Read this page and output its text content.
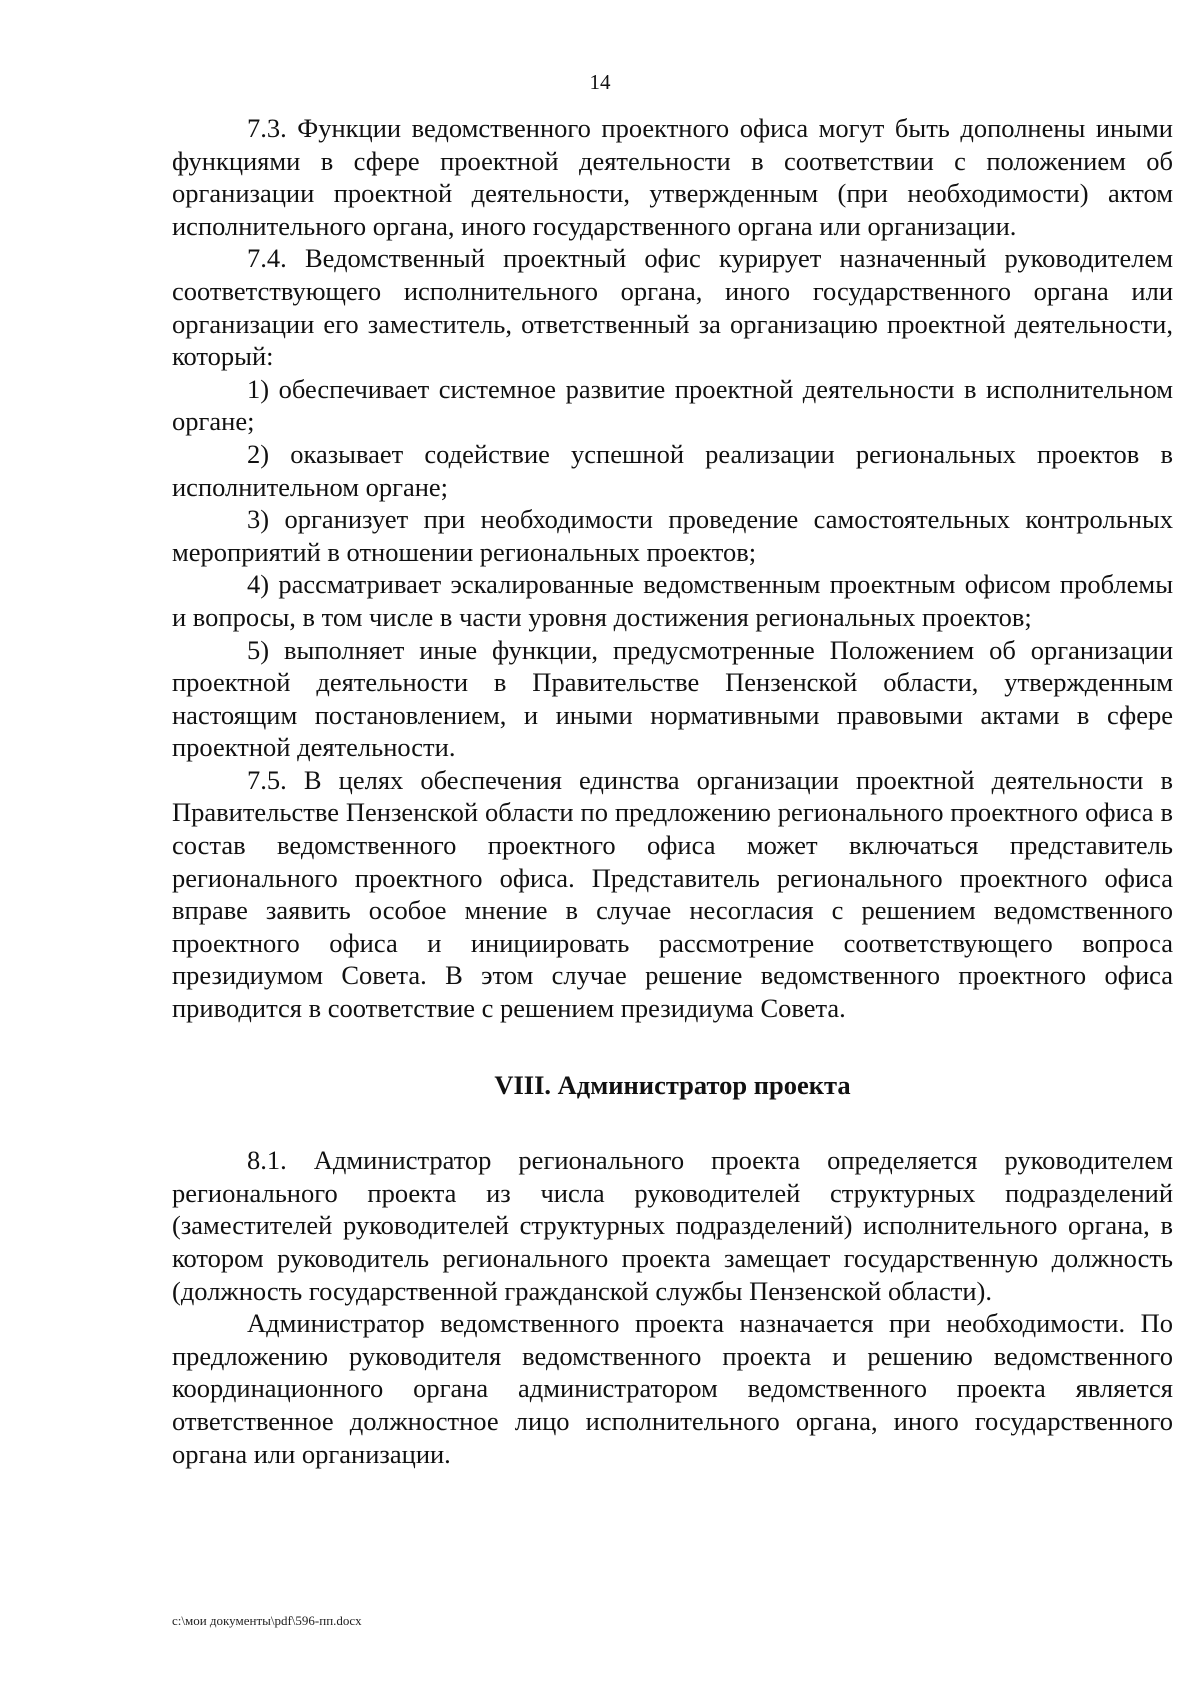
14

7.3. Функции ведомственного проектного офиса могут быть дополнены иными функциями в сфере проектной деятельности в соответствии с положением об организации проектной деятельности, утвержденным (при необходимости) актом исполнительного органа, иного государственного органа или организации.

7.4. Ведомственный проектный офис курирует назначенный руководителем соответствующего исполнительного органа, иного государственного органа или организации его заместитель, ответственный за организацию проектной деятельности, который:

1) обеспечивает системное развитие проектной деятельности в исполнительном органе;

2) оказывает содействие успешной реализации региональных проектов в исполнительном органе;

3) организует при необходимости проведение самостоятельных контрольных мероприятий в отношении региональных проектов;

4) рассматривает эскалированные ведомственным проектным офисом проблемы и вопросы, в том числе в части уровня достижения региональных проектов;

5) выполняет иные функции, предусмотренные Положением об организации проектной деятельности в Правительстве Пензенской области, утвержденным настоящим постановлением, и иными нормативными правовыми актами в сфере проектной деятельности.

7.5. В целях обеспечения единства организации проектной деятельности в Правительстве Пензенской области по предложению регионального проектного офиса в состав ведомственного проектного офиса может включаться представитель регионального проектного офиса. Представитель регионального проектного офиса вправе заявить особое мнение в случае несогласия с решением ведомственного проектного офиса и инициировать рассмотрение соответствующего вопроса президиумом Совета. В этом случае решение ведомственного проектного офиса приводится в соответствие с решением президиума Совета.

VIII. Администратор проекта

8.1. Администратор регионального проекта определяется руководителем регионального проекта из числа руководителей структурных подразделений (заместителей руководителей структурных подразделений) исполнительного органа, в котором руководитель регионального проекта замещает государственную должность (должность государственной гражданской службы Пензенской области).

Администратор ведомственного проекта назначается при необходимости. По предложению руководителя ведомственного проекта и решению ведомственного координационного органа администратором ведомственного проекта является ответственное должностное лицо исполнительного органа, иного государственного органа или организации.

c:\мои документы\pdf\596-пп.docx
